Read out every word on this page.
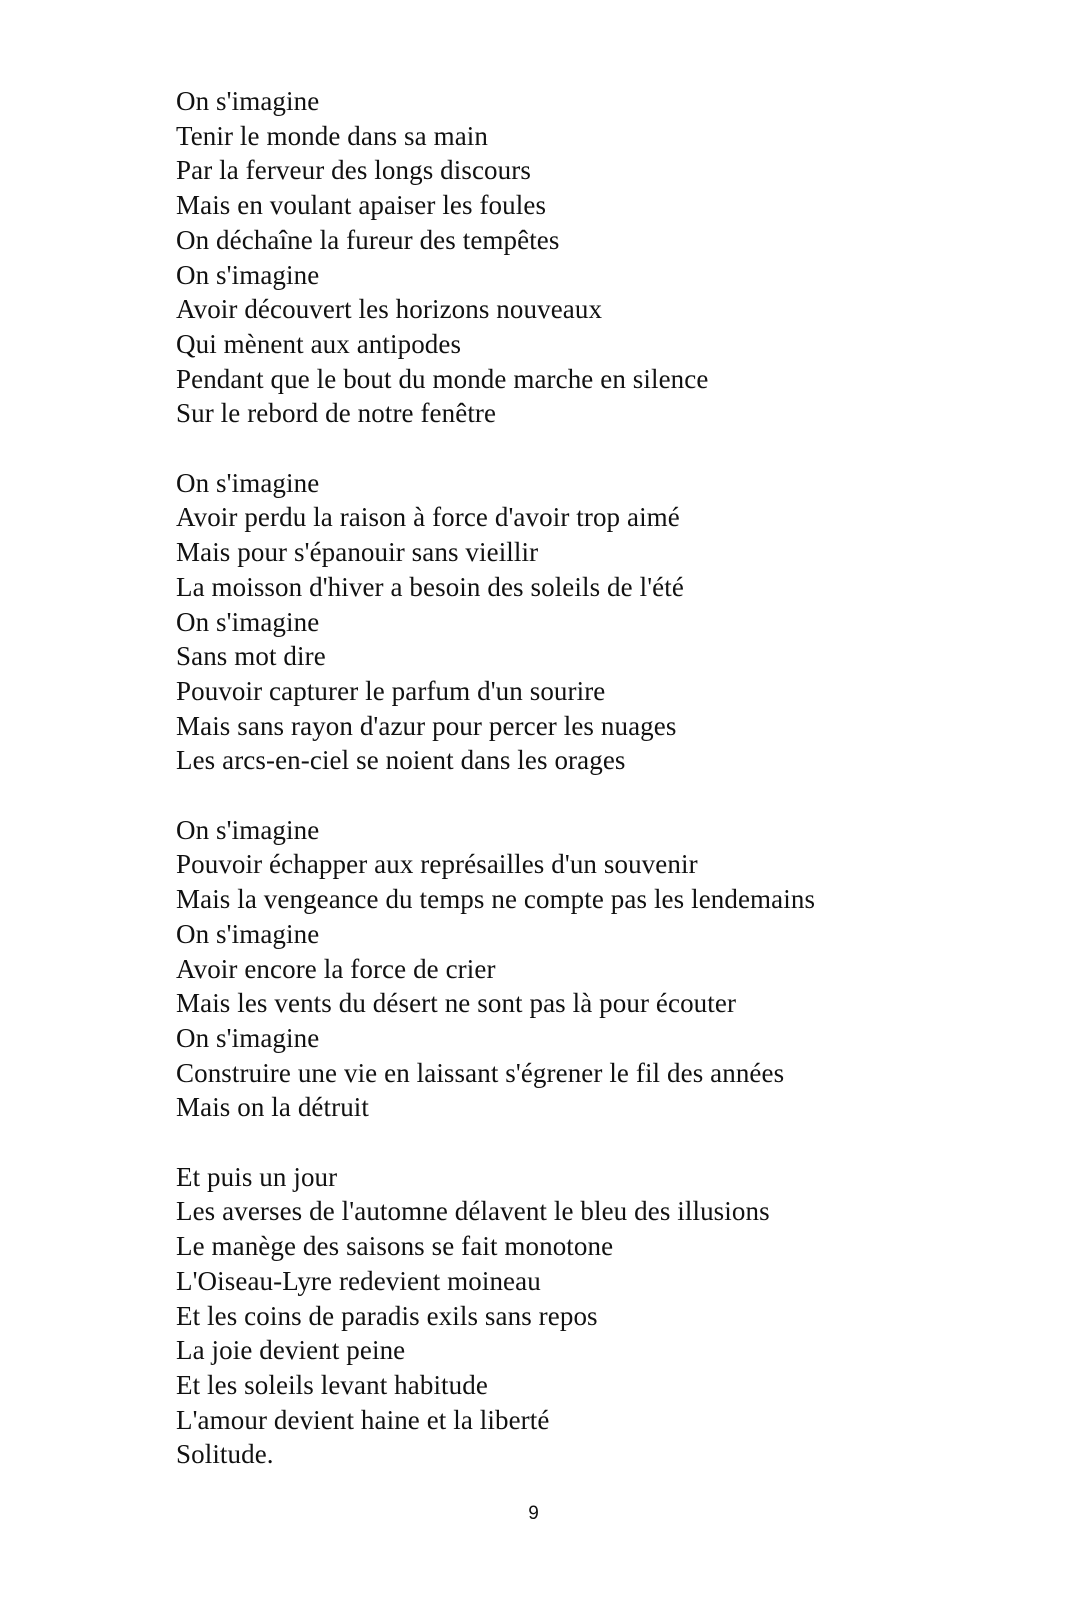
On s'imagine
Tenir le monde dans sa main
Par la ferveur des longs discours
Mais en voulant apaiser les foules
On déchaîne la fureur des tempêtes
On s'imagine
Avoir découvert les horizons nouveaux
Qui mènent aux antipodes
Pendant que le bout du monde marche en silence
Sur le rebord de notre fenêtre
On s'imagine
Avoir perdu la raison à force d'avoir trop aimé
Mais pour s'épanouir sans vieillir
La moisson d'hiver a besoin des soleils de l'été
On s'imagine
Sans mot dire
Pouvoir capturer le parfum d'un sourire
Mais sans rayon d'azur pour percer les nuages
Les arcs-en-ciel se noient dans les orages
On s'imagine
Pouvoir échapper aux représailles d'un souvenir
Mais la vengeance du temps ne compte pas les lendemains
On s'imagine
Avoir encore la force de crier
Mais les vents du désert ne sont pas là pour écouter
On s'imagine
Construire une vie en laissant s'égrener le fil des années
Mais on la détruit
Et puis un jour
Les averses de l'automne délavent le bleu des illusions
Le manège des saisons se fait monotone
L'Oiseau-Lyre redevient moineau
Et les coins de paradis exils sans repos
La joie devient peine
Et les soleils levant habitude
L'amour devient haine et la liberté
Solitude.
9
